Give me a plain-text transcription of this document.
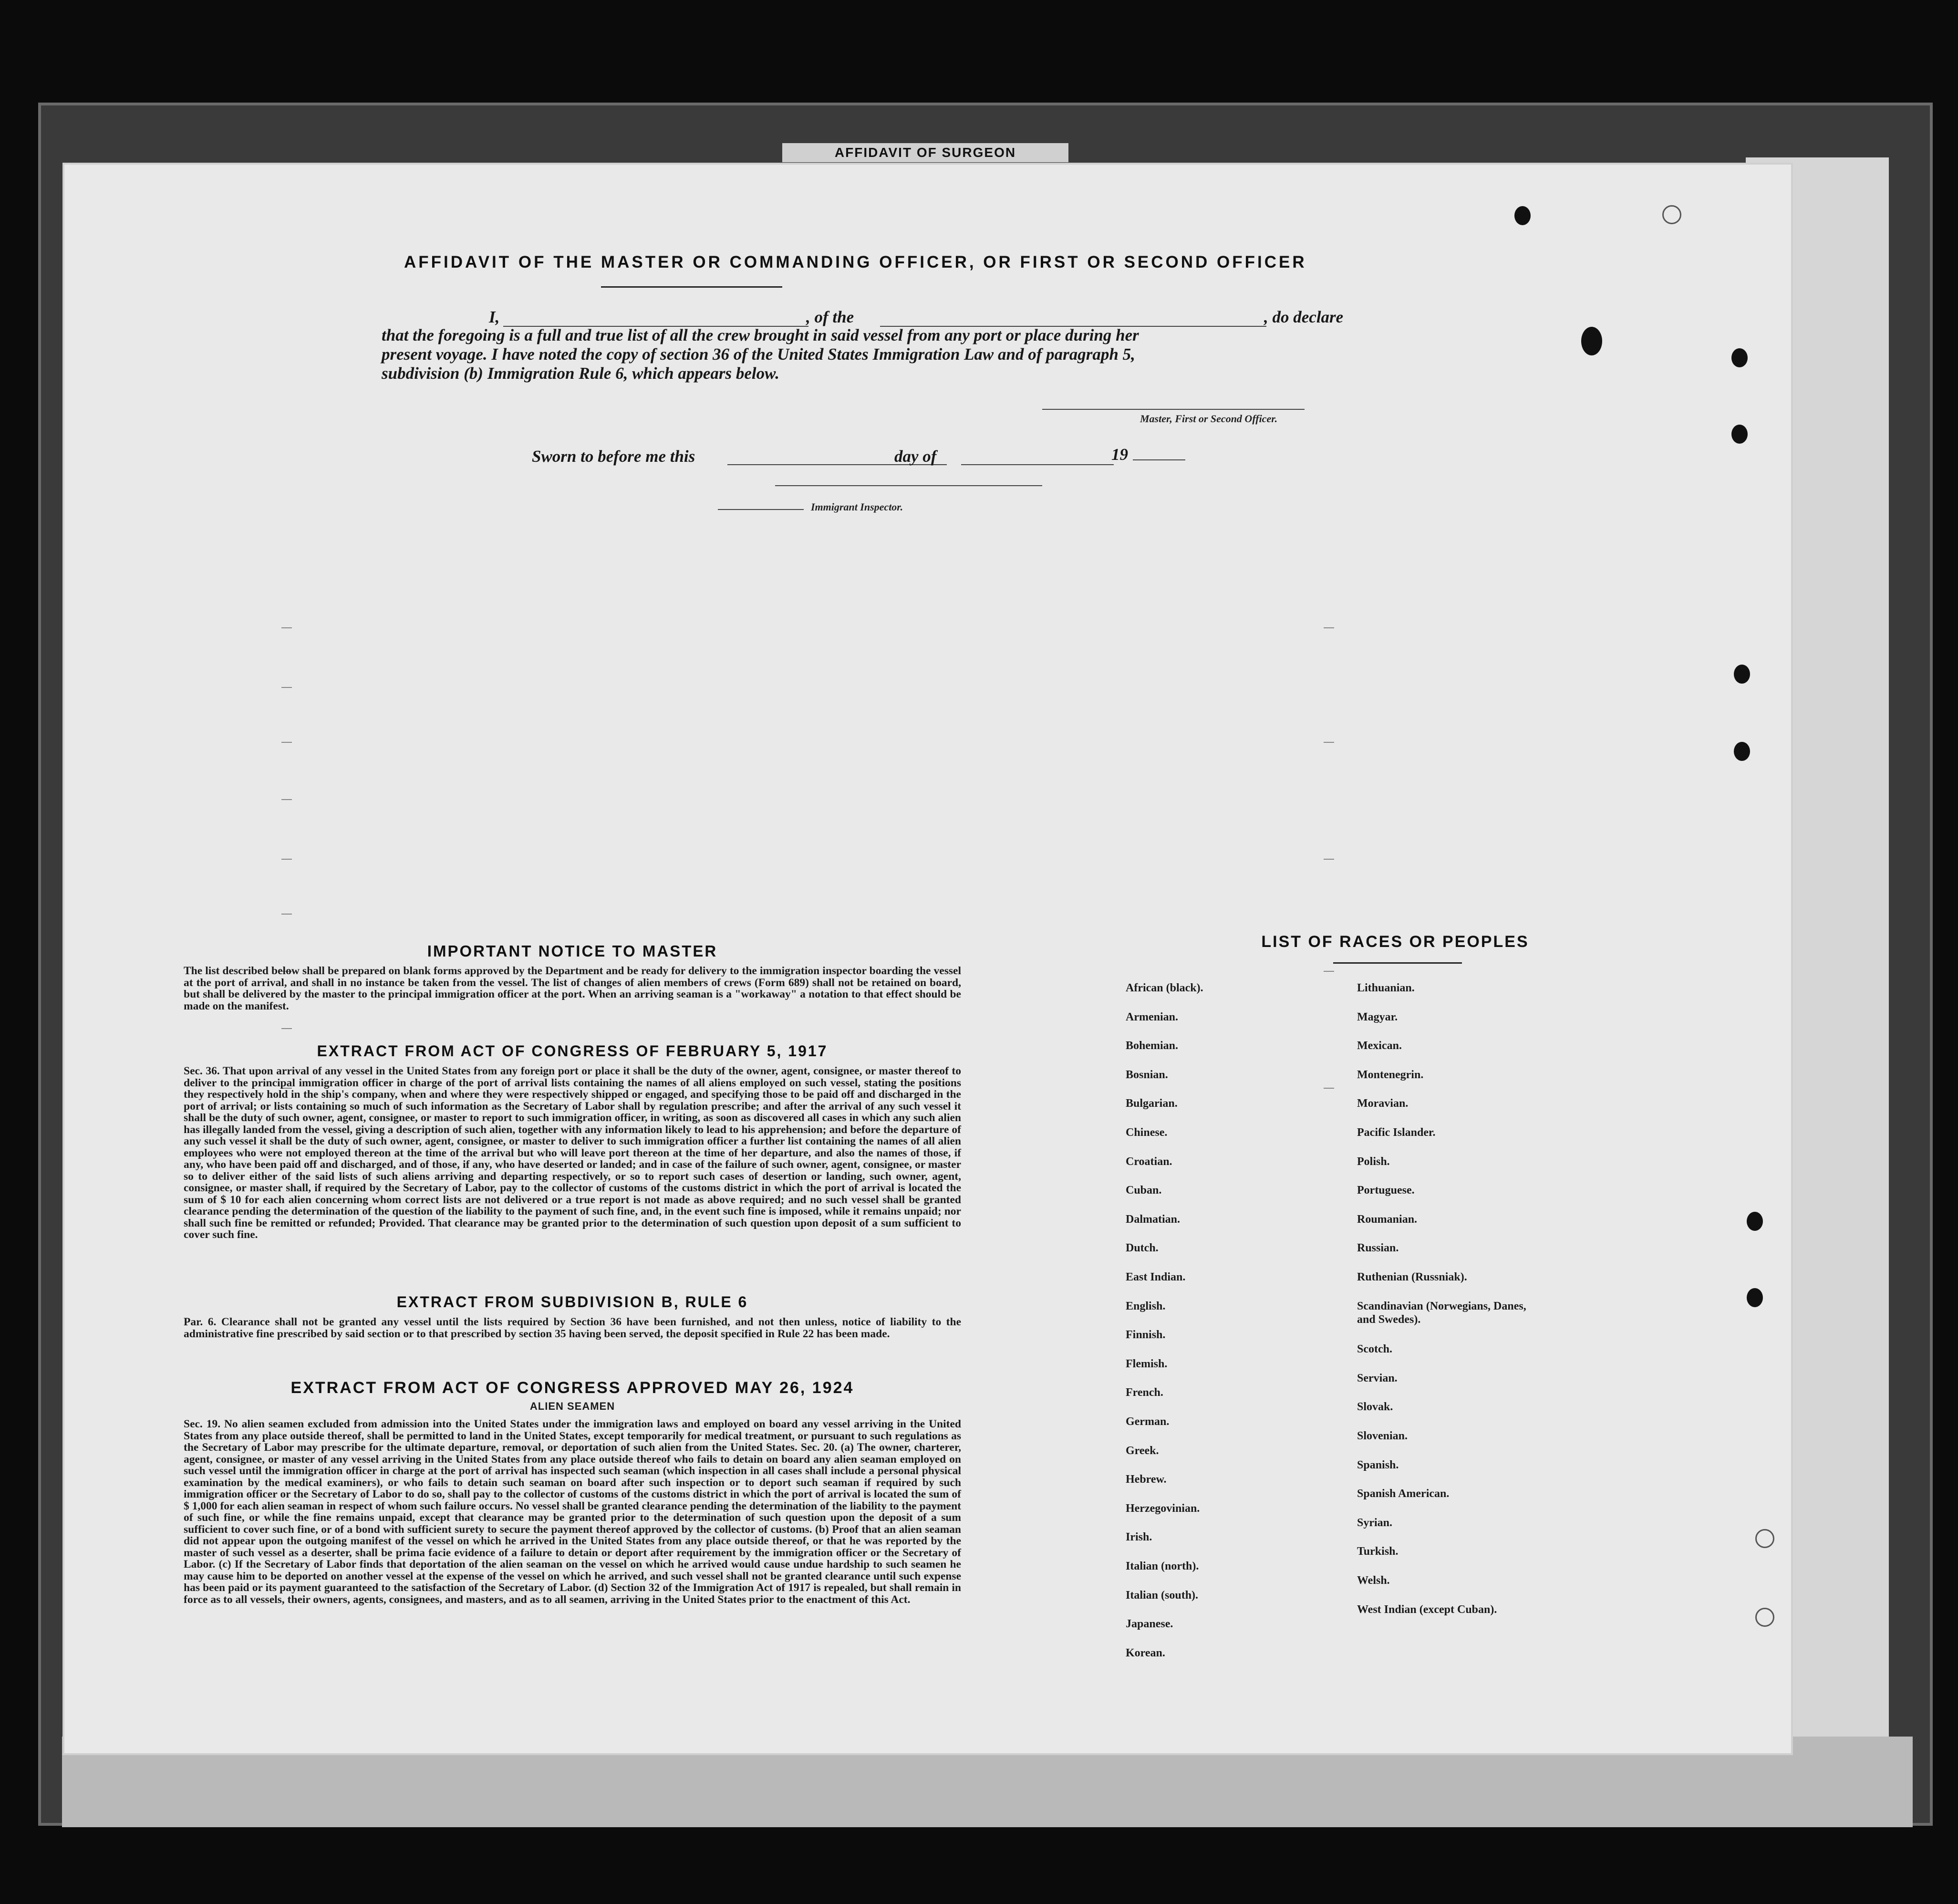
AFFIDAVIT OF SURGEON
AFFIDAVIT OF THE MASTER OR COMMANDING OFFICER, OR FIRST OR SECOND OFFICER
I,	, of the	, do declare
that the foregoing is a full and true list of all the crew brought in said vessel from any port or place during her
present voyage. I have noted the copy of section 36 of the United States Immigration Law and of paragraph 5,
subdivision (b) Immigration Rule 6, which appears below.
Master, First or Second Officer.
Sworn to before me this	day of	19
Immigrant Inspector.
IMPORTANT NOTICE TO MASTER
The list described below shall be prepared on blank forms approved by the Department and be ready for delivery to the immigration inspector boarding the vessel at the port of arrival, and shall in no instance be taken from the vessel. The list of changes of alien members of crews (Form 689) shall not be retained on board, but shall be delivered by the master to the principal immigration officer at the port. When an arriving seaman is a "workaway" a notation to that effect should be made on the manifest.
EXTRACT FROM ACT OF CONGRESS OF FEBRUARY 5, 1917
Sec. 36. That upon arrival of any vessel in the United States from any foreign port or place it shall be the duty of the owner, agent, consignee, or master thereof to deliver to the principal immigration officer in charge of the port of arrival lists containing the names of all aliens employed on such vessel, stating the positions they respectively hold in the ship's company, when and where they were respectively shipped or engaged, and specifying those to be paid off and discharged in the port of arrival; or lists containing so much of such information as the Secretary of Labor shall by regulation prescribe; and after the arrival of any such vessel it shall be the duty of such owner, agent, consignee, or master to report to such immigration officer, in writing, as soon as discovered all cases in which any such alien has illegally landed from the vessel, giving a description of such alien, together with any information likely to lead to his apprehension; and before the departure of any such vessel it shall be the duty of such owner, agent, consignee, or master to deliver to such immigration officer a further list containing the names of all alien employees who were not employed thereon at the time of the arrival but who will leave port thereon at the time of her departure, and also the names of those, if any, who have been paid off and discharged, and of those, if any, who have deserted or landed; and in case of the failure of such owner, agent, consignee, or master so to deliver either of the said lists of such aliens arriving and departing respectively, or so to report such cases of desertion or landing, such owner, agent, consignee, or master shall, if required by the Secretary of Labor, pay to the collector of customs of the customs district in which the port of arrival is located the sum of $ 10 for each alien concerning whom correct lists are not delivered or a true report is not made as above required; and no such vessel shall be granted clearance pending the determination of the question of the liability to the payment of such fine, and, in the event such fine is imposed, while it remains unpaid; nor shall such fine be remitted or refunded; Provided. That clearance may be granted prior to the determination of such question upon deposit of a sum sufficient to cover such fine.
EXTRACT FROM SUBDIVISION B, RULE 6
Par. 6. Clearance shall not be granted any vessel until the lists required by Section 36 have been furnished, and not then unless, notice of liability to the administrative fine prescribed by said section or to that prescribed by section 35 having been served, the deposit specified in Rule 22 has been made.
EXTRACT FROM ACT OF CONGRESS APPROVED MAY 26, 1924
ALIEN SEAMEN
Sec. 19. No alien seamen excluded from admission into the United States under the immigration laws and employed on board any vessel arriving in the United States from any place outside thereof, shall be permitted to land in the United States, except temporarily for medical treatment, or pursuant to such regulations as the Secretary of Labor may prescribe for the ultimate departure, removal, or deportation of such alien from the United States. Sec. 20. (a) The owner, charterer, agent, consignee, or master of any vessel arriving in the United States from any place outside thereof who fails to detain on board any alien seaman employed on such vessel until the immigration officer in charge at the port of arrival has inspected such seaman (which inspection in all cases shall include a personal physical examination by the medical examiners), or who fails to detain such seaman on board after such inspection or to deport such seaman if required by such immigration officer or the Secretary of Labor to do so, shall pay to the collector of customs of the customs district in which the port of arrival is located the sum of $ 1,000 for each alien seaman in respect of whom such failure occurs. No vessel shall be granted clearance pending the determination of the liability to the payment of such fine, or while the fine remains unpaid, except that clearance may be granted prior to the determination of such question upon the deposit of a sum sufficient to cover such fine, or of a bond with sufficient surety to secure the payment thereof approved by the collector of customs. (b) Proof that an alien seaman did not appear upon the outgoing manifest of the vessel on which he arrived in the United States from any place outside thereof, or that he was reported by the master of such vessel as a deserter, shall be prima facie evidence of a failure to detain or deport after requirement by the immigration officer or the Secretary of Labor. (c) If the Secretary of Labor finds that deportation of the alien seaman on the vessel on which he arrived would cause undue hardship to such seamen he may cause him to be deported on another vessel at the expense of the vessel on which he arrived, and such vessel shall not be granted clearance until such expense has been paid or its payment guaranteed to the satisfaction of the Secretary of Labor. (d) Section 32 of the Immigration Act of 1917 is repealed, but shall remain in force as to all vessels, their owners, agents, consignees, and masters, and as to all seamen, arriving in the United States prior to the enactment of this Act.
LIST OF RACES OR PEOPLES
African (black).
Armenian.
Bohemian.
Bosnian.
Bulgarian.
Chinese.
Croatian.
Cuban.
Dalmatian.
Dutch.
East Indian.
English.
Finnish.
Flemish.
French.
German.
Greek.
Hebrew.
Herzegovinian.
Irish.
Italian (north).
Italian (south).
Japanese.
Korean.
Lithuanian.
Magyar.
Mexican.
Montenegrin.
Moravian.
Pacific Islander.
Polish.
Portuguese.
Roumanian.
Russian.
Ruthenian (Russniak).
Scandinavian (Norwegians, Danes, and Swedes).
Scotch.
Servian.
Slovak.
Slovenian.
Spanish.
Spanish American.
Syrian.
Turkish.
Welsh.
West Indian (except Cuban).
